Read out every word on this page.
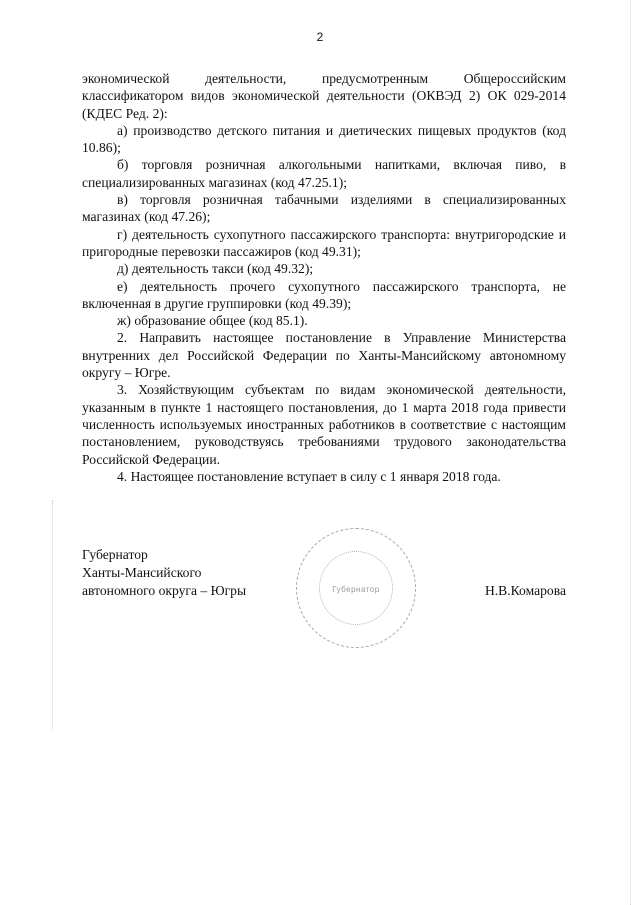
2

экономической деятельности, предусмотренным Общероссийским классификатором видов экономической деятельности (ОКВЭД 2) ОК 029-2014 (КДЕС Ред. 2):

а) производство детского питания и диетических пищевых продуктов (код 10.86);

б) торговля розничная алкогольными напитками, включая пиво, в специализированных магазинах (код 47.25.1);

в) торговля розничная табачными изделиями в специализированных магазинах (код 47.26);

г) деятельность сухопутного пассажирского транспорта: внутригородские и пригородные перевозки пассажиров (код 49.31);

д) деятельность такси (код 49.32);

е) деятельность прочего сухопутного пассажирского транспорта, не включенная в другие группировки (код 49.39);

ж) образование общее (код 85.1).

2. Направить настоящее постановление в Управление Министерства внутренних дел Российской Федерации по Ханты-Мансийскому автономному округу – Югре.

3. Хозяйствующим субъектам по видам экономической деятельности, указанным в пункте 1 настоящего постановления, до 1 марта 2018 года привести численность используемых иностранных работников в соответствие с настоящим постановлением, руководствуясь требованиями трудового законодательства Российской Федерации.

4. Настоящее постановление вступает в силу с 1 января 2018 года.

Губернатор
Губернатор
Ханты-Мансийского
автономного округа – Югры	Н.В.Комарова
